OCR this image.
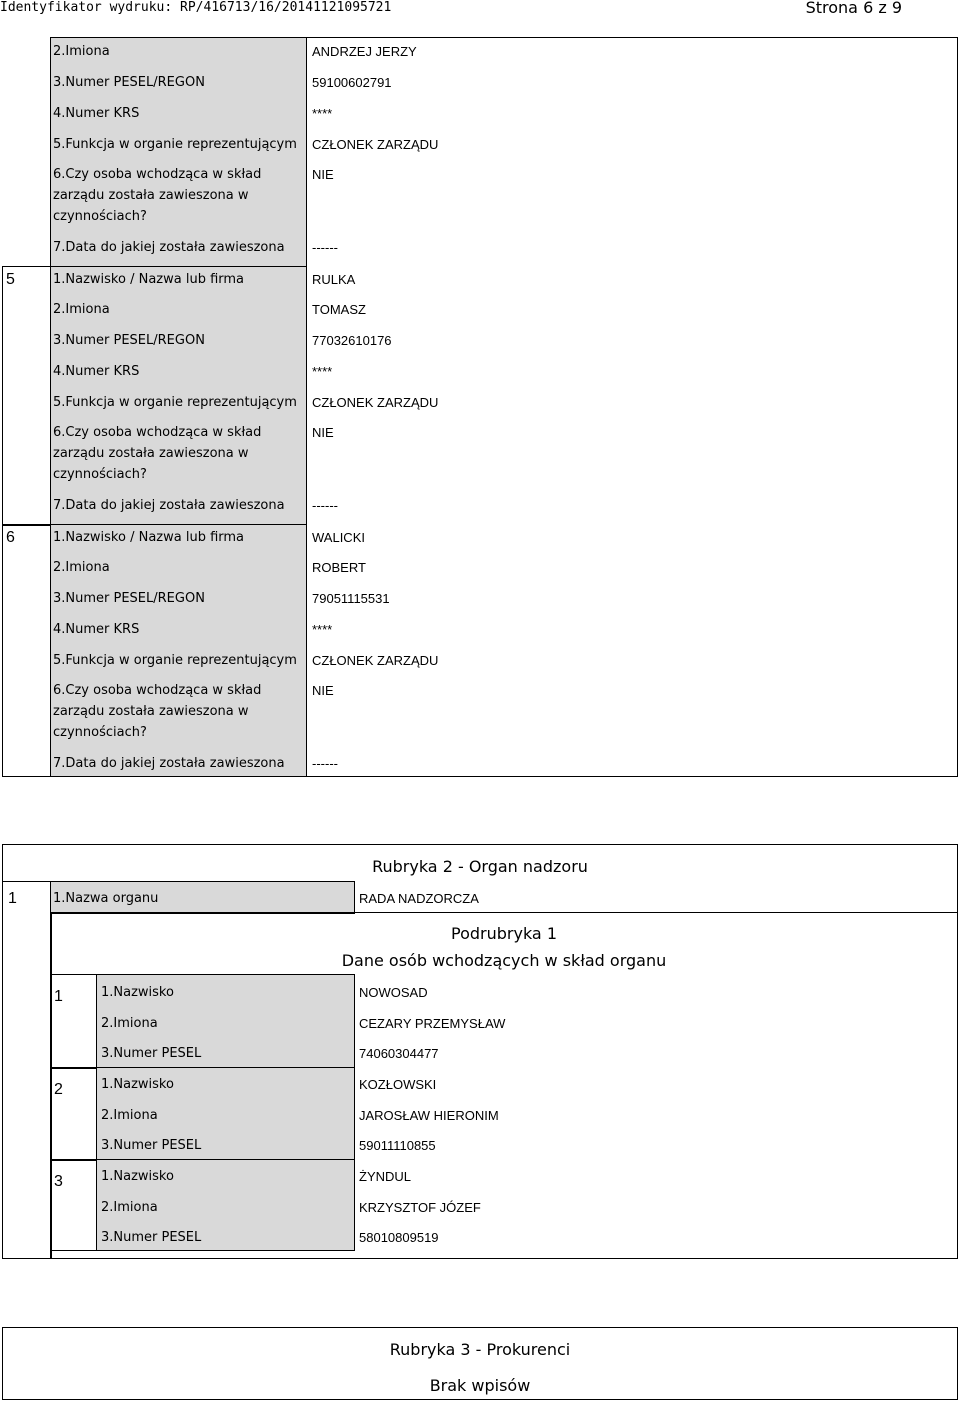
Identyfikator wydruku: RP/416713/16/20141121095721	Strona 6 z 9
2.Imiona	ANDRZEJ JERZY
3.Numer PESEL/REGON	59100602791
4.Numer KRS	****
5.Funkcja w organie reprezentującym CZŁONEK ZARZĄDU
6.Czy osoba wchodząca w skład zarządu została zawieszona w czynnościach?
NIE
7.Data do jakiej została zawieszona ------
5	1.Nazwisko / Nazwa lub firma	RULKA
2.Imiona	TOMASZ
3.Numer PESEL/REGON	77032610176
4.Numer KRS	****
5.Funkcja w organie reprezentującym CZŁONEK ZARZĄDU
6.Czy osoba wchodząca w skład zarządu została zawieszona w czynnościach?
NIE
7.Data do jakiej została zawieszona ------
6	1.Nazwisko / Nazwa lub firma	WALICKI
2.Imiona	ROBERT
3.Numer PESEL/REGON	79051115531
4.Numer KRS	****
5.Funkcja w organie reprezentującym CZŁONEK ZARZĄDU
6.Czy osoba wchodząca w skład zarządu została zawieszona w czynnościach?
NIE
7.Data do jakiej została zawieszona ------
Rubryka 2 - Organ nadzoru
1	1.Nazwa organu	RADA NADZORCZA
Podrubryka 1
Dane osób wchodzących w skład organu
1	1.Nazwisko	NOWOSAD
2.Imiona	CEZARY PRZEMYSŁAW
3.Numer PESEL	74060304477
2	1.Nazwisko	KOZŁOWSKI
2.Imiona	JAROSŁAW HIERONIM
3.Numer PESEL	59011110855
3	1.Nazwisko	ŻYNDUL
2.Imiona	KRZYSZTOF JÓZEF
3.Numer PESEL	58010809519
Rubryka 3 - Prokurenci
Brak wpisów
